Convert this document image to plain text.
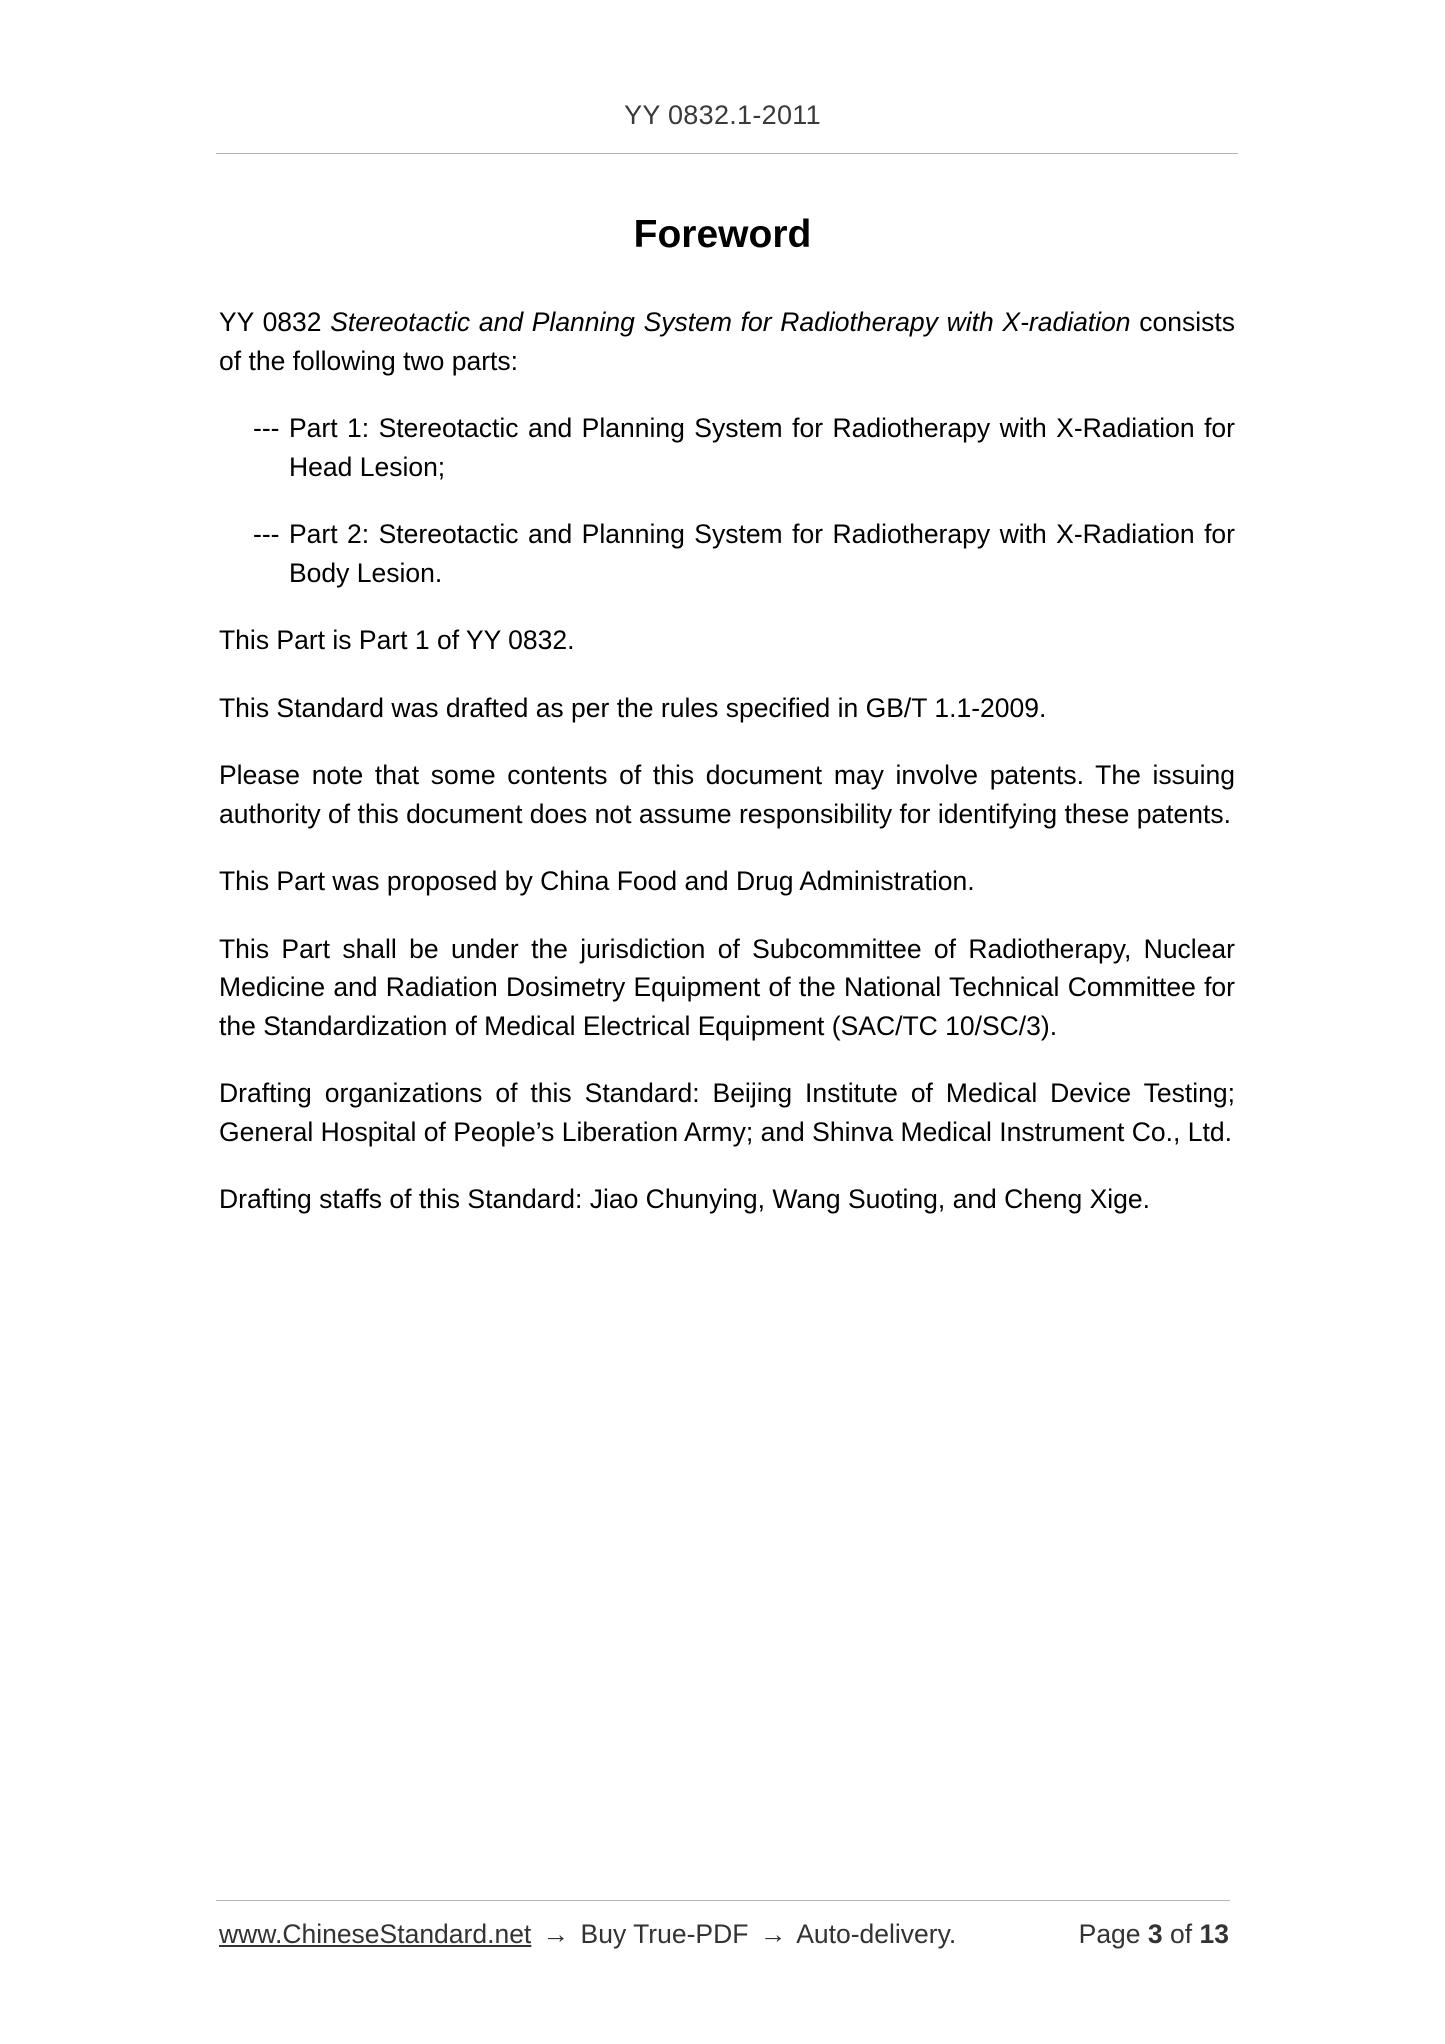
YY 0832.1-2011
Foreword

YY 0832 Stereotactic and Planning System for Radiotherapy with X-radiation consists of the following two parts:

--- Part 1: Stereotactic and Planning System for Radiotherapy with X-Radiation for Head Lesion;
--- Part 2: Stereotactic and Planning System for Radiotherapy with X-Radiation for Body Lesion.

This Part is Part 1 of YY 0832.

This Standard was drafted as per the rules specified in GB/T 1.1-2009.

Please note that some contents of this document may involve patents. The issuing authority of this document does not assume responsibility for identifying these patents.

This Part was proposed by China Food and Drug Administration.

This Part shall be under the jurisdiction of Subcommittee of Radiotherapy, Nuclear Medicine and Radiation Dosimetry Equipment of the National Technical Committee for the Standardization of Medical Electrical Equipment (SAC/TC 10/SC/3).

Drafting organizations of this Standard: Beijing Institute of Medical Device Testing; General Hospital of People’s Liberation Army; and Shinva Medical Instrument Co., Ltd.

Drafting staffs of this Standard: Jiao Chunying, Wang Suoting, and Cheng Xige.

www.ChineseStandard.net → Buy True-PDF → Auto-delivery.	Page 3 of 13
